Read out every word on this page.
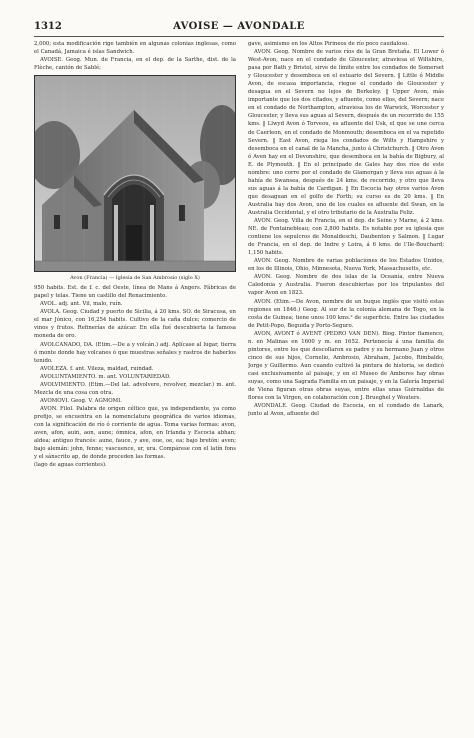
1312	AVOISE — AVONDALE

2,000; esta modificación rige también en algunas colonias inglesas, como el Canadá, Jamaica é islas Sandwich.

AVOISE. Geog. Mun. de Francia, en el dep. de la Sarthe, dist. de la Flèche, cantón de Sablé;

Avon (Francia) — Iglesia de San Ambrosio (siglo X)

950 habits. Est. de f. c. del Oeste, línea de Mans á Angers. Fábricas de papel y telas. Tiene un castillo del Renacimiento.

AVOL. adj. ant. Vil, malo, ruín.

AVOLA. Geog. Ciudad y puerto de Sicilia, á 20 kms. SO. de Siracusa, en el mar Jónico, con 16,254 habits. Cultivo de la caña dulce; comercio de vinos y frutos. Refinerías de azúcar. En ella fué descubierta la famosa moneda de oro.

AVOLCANADO, DA. (Etim.—De a y volcán.) adj. Aplícase al lugar, tierra ó monte donde hay volcanes ó que muestras señales y rastros de haberlos tenido.

AVOLEZA. f. ant. Vileza, maldad, ruindad.

AVOLUNTAMIENTO. m. ant. VOLUNTARIEDAD.

AVOLVIMIENTO. (Etim.—Del lat. advolvere, revolver, mezclar.) m. ant. Mezcla de una cosa con otra.

AVOMOVI. Geog. V. AGMOMI.

AVON. Filol. Palabra de origen céltico que, ya independiente, ya como prefijo, se encuentra en la nomenclatura geográfica de varios idiomas, con la significación de río ó corriente de agua. Toma varias formas: avon, aven, afon, auin, aon, aune; ómnica, afon, en Irlanda y Escocia abhan; aldea; antiguo francés: aune, fauce, y ave, oue, oe, ea; bajo bretón: aven; bajo alemán: john, fenne; vascuence, ur, ura. Compárese con el latín fons y el sánscrito ap, de donde proceden las formas.

(lago de aguas corrientes).

gave, asimismo en los Altos Pirineos de río poco caudaloso.

AVON. Geog. Nombre de varios ríos de la Gran Bretaña. El Lower ó West-Avon, nace en el condado de Gloucester, atraviesa el Wiltshire, pasa por Bath y Bristol, sirve de límite entre los condados de Somerset y Gloucester y desemboca en el estuario del Severn. ‖ Little ó Middle Avon, de escasa importancia, riegue el condado de Gloucester y desagua en el Severn no lejos de Berkeley. ‖ Upper Avon, más importante que los dos citados, y afluente, como ellos, del Severn; nace en el condado de Northampton, atraviesa los de Warwick, Worcester y Gloucester, y lleva sus aguas al Severn, después de un recorrido de 155 kms. ‖ Llwyd Avon ó Torveou, es afluente del Usk, el que se une cerca de Caerleon, en el condado de Monmouth; desemboca en el va repetido Severn. ‖ East Avon, riega los condados de Wilts y Hampshire y desemboca en el canal de la Mancha, junto á Christchurch. ‖ Otro Avon ó Aven hay en el Devonshire, que desemboca en la bahía de Bigbury, al E. de Plymouth. ‖ En el principado de Gales hay dos ríos de este nombre: uno corre por el condado de Glamorgan y lleva sus aguas á la bahía de Swansea, después de 24 kms. de recorrido, y otro que lleva sus aguas á la bahía de Cardigan. ‖ En Escocia hay otros varios Avon que desaguan en el golfo de Forth; su curso es de 20 kms. ‖ En Australia hay dos Avon, uno de los cuales es afluente del Swan, en la Australia Occidental, y el otro tributario de la Australia Feliz.

AVON. Geog. Villa de Francia, en el dep. de Seine y Marne, á 2 kms. NE. de Fontainebleau; con 2,800 habits. Es notable por su iglesia que contiene los sepulcros de Monaldeschi, Daubenton y Salmon. ‖ Lugar de Francia, en el dep. de Indre y Loira, á 6 kms. de l'Ile-Bouchard; 1,150 habits.

AVON. Geog. Nombre de varias poblaciones de los Estados Unidos, en los de Illinois, Ohio, Minnesota, Nueva York, Massachusetts, etc.

AVON. Geog. Nombre de dos islas de la Oceanía, entre Nueva Caledonia y Australia. Fueron descubiertas por los tripulantes del vapor Avon en 1823.

AVON. (Etim.—De Avon, nombre de un buque inglés que visitó estas regiones en 1846.) Geog. Al sur de la colonia alemana de Togo, en la costa de Guinea; tiene unos 100 kms.² de superficie. Entre las ciudades de Petit-Popo, Beguida y Porto-Seguro.

AVON, AVONT ó AVENT (PEDRO VAN DEN). Biog. Pintor flamenco, n. en Malinas en 1600 y m. en 1652. Pertenecía á una familia de pintores, entre los que descollaron su padre y su hermano Juan y otros cinco de sus hijos, Cornelio, Ambrosio, Abraham, Jacobo, Rimbaldo, Jorge y Guillermo. Aun cuando cultivó la pintura de historia, se dedicó casi exclusivamente al paisaje, y en el Museo de Amberes hay obras suyas, como una Sagrada Familia en un paisaje, y en la Galería Imperial de Viena figuran otras obras suyas, entre ellas unas Guirnaldas de flores con la Virgen, en colaboración con J. Brueghel y Wouters.

AVONDALE. Geog. Ciudad de Escocia, en el condado de Lanark, junto al Avon, afluente del
